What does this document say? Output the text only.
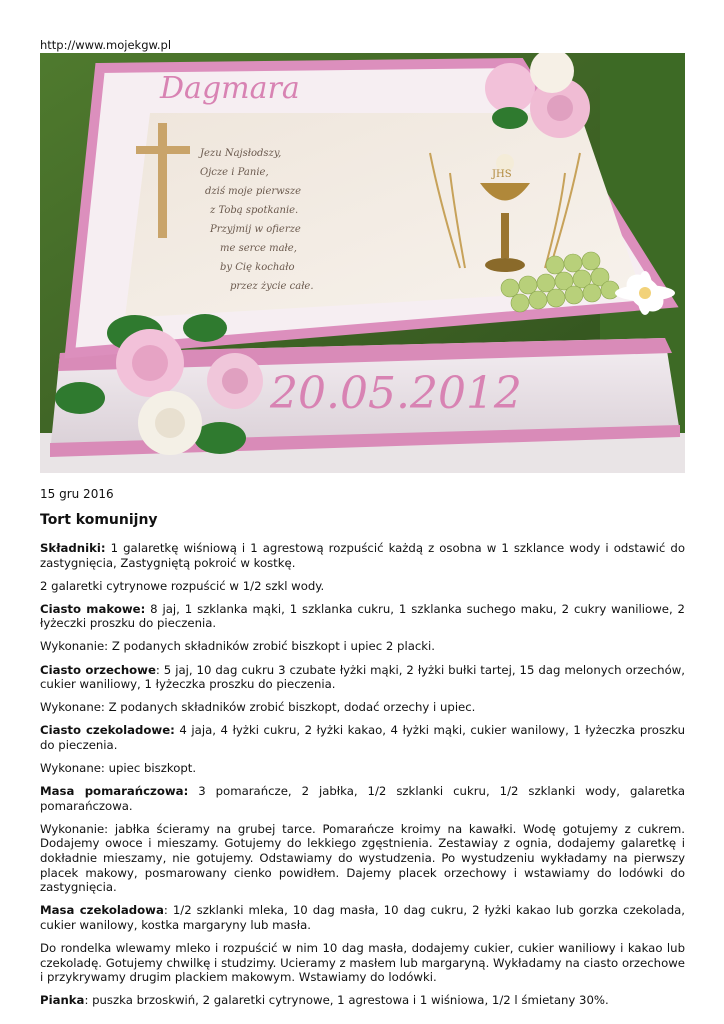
http://www.mojekgw.pl
Jezu Najsłodszy,
Ojcze i Panie,
dziś moje pierwsze
z Tobą spotkanie.
Przyjmij w ofierze
me serce małe,
by Cię kochało
przez życie całe.
JHS
Dagmara
20.05.2012
15 gru 2016
Tort komunijny

Składniki: 1 galaretkę wiśniową i 1 agrestową rozpuścić każdą z osobna w 1 szklance wody i odstawić do zastygnięcia, Zastygniętą pokroić w kostkę.

2 galaretki cytrynowe rozpuścić w 1/2 szkl wody.

Ciasto makowe: 8 jaj, 1 szklanka mąki, 1 szklanka cukru, 1 szklanka suchego maku, 2 cukry waniliowe, 2 łyżeczki proszku do pieczenia.

Wykonanie: Z podanych składników zrobić biszkopt i upiec 2 placki.

Ciasto orzechowe: 5 jaj, 10 dag cukru 3 czubate łyżki mąki, 2 łyżki bułki tartej, 15 dag melonych orzechów, cukier waniliowy, 1 łyżeczka proszku do pieczenia.

Wykonane: Z podanych składników zrobić biszkopt, dodać orzechy i upiec.

Ciasto czekoladowe: 4 jaja, 4 łyżki cukru, 2 łyżki kakao, 4 łyżki mąki, cukier wanilowy, 1 łyżeczka proszku do pieczenia.

Wykonane: upiec biszkopt.

Masa pomarańczowa: 3 pomarańcze, 2 jabłka, 1/2 szklanki cukru, 1/2 szklanki wody, galaretka pomarańczowa.

Wykonanie: jabłka ścieramy na grubej tarce. Pomarańcze kroimy na kawałki. Wodę gotujemy z cukrem. Dodajemy owoce i mieszamy. Gotujemy do lekkiego zgęstnienia. Zestawiay z ognia, dodajemy galaretkę i dokładnie mieszamy, nie gotujemy. Odstawiamy do wystudzenia. Po wystudzeniu wykładamy na pierwszy placek makowy, posmarowany cienko powidłem. Dajemy placek orzechowy i wstawiamy do lodówki do zastygnięcia.

Masa czekoladowa: 1/2 szklanki mleka, 10 dag masła, 10 dag cukru, 2 łyżki kakao lub gorzka czekolada, cukier wanilowy, kostka margaryny lub masła.

Do rondelka wlewamy mleko i rozpuścić w nim 10 dag masła, dodajemy cukier, cukier waniliowy i kakao lub czekoladę. Gotujemy chwilkę i studzimy. Ucieramy z masłem lub margaryną. Wykładamy na ciasto orzechowe i przykrywamy drugim plackiem makowym. Wstawiamy do lodówki.

Pianka: puszka brzoskwiń, 2 galaretki cytrynowe, 1 agrestowa i 1 wiśniowa, 1/2 l śmietany 30%.
